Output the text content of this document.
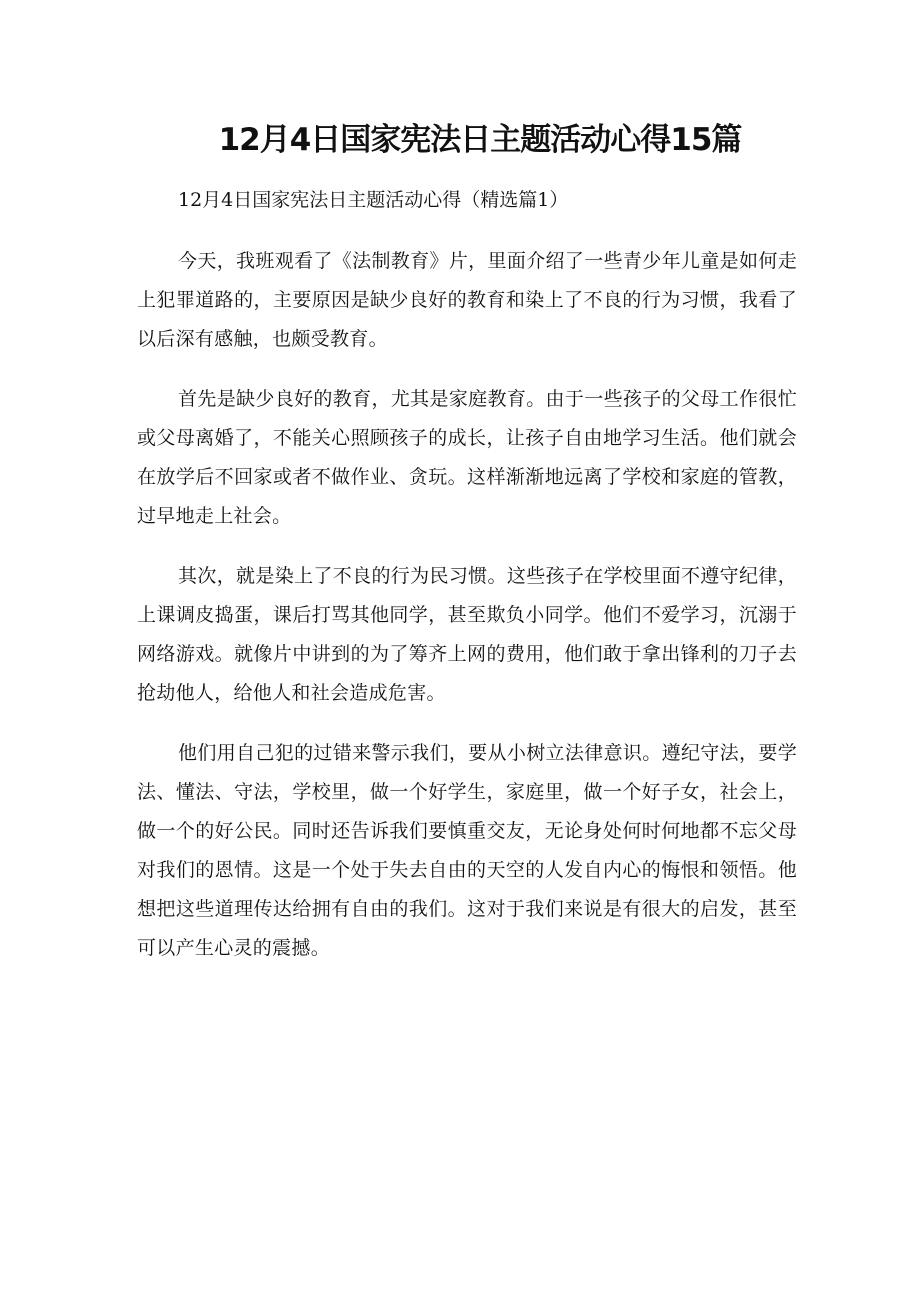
12月4日国家宪法日主题活动心得15篇
12月4日国家宪法日主题活动心得（精选篇1）

今天，我班观看了《法制教育》片，里面介绍了一些青少年儿童是如何走上犯罪道路的，主要原因是缺少良好的教育和染上了不良的行为习惯，我看了以后深有感触，也颇受教育。

首先是缺少良好的教育，尤其是家庭教育。由于一些孩子的父母工作很忙或父母离婚了，不能关心照顾孩子的成长，让孩子自由地学习生活。他们就会在放学后不回家或者不做作业、贪玩。这样渐渐地远离了学校和家庭的管教，过早地走上社会。

其次，就是染上了不良的行为民习惯。这些孩子在学校里面不遵守纪律，上课调皮捣蛋，课后打骂其他同学，甚至欺负小同学。他们不爱学习，沉溺于网络游戏。就像片中讲到的为了筹齐上网的费用，他们敢于拿出锋利的刀子去抢劫他人，给他人和社会造成危害。

他们用自己犯的过错来警示我们，要从小树立法律意识。遵纪守法，要学法、懂法、守法，学校里，做一个好学生，家庭里，做一个好子女，社会上，做一个的好公民。同时还告诉我们要慎重交友，无论身处何时何地都不忘父母对我们的恩情。这是一个处于失去自由的天空的人发自内心的悔恨和领悟。他想把这些道理传达给拥有自由的我们。这对于我们来说是有很大的启发，甚至可以产生心灵的震撼。
